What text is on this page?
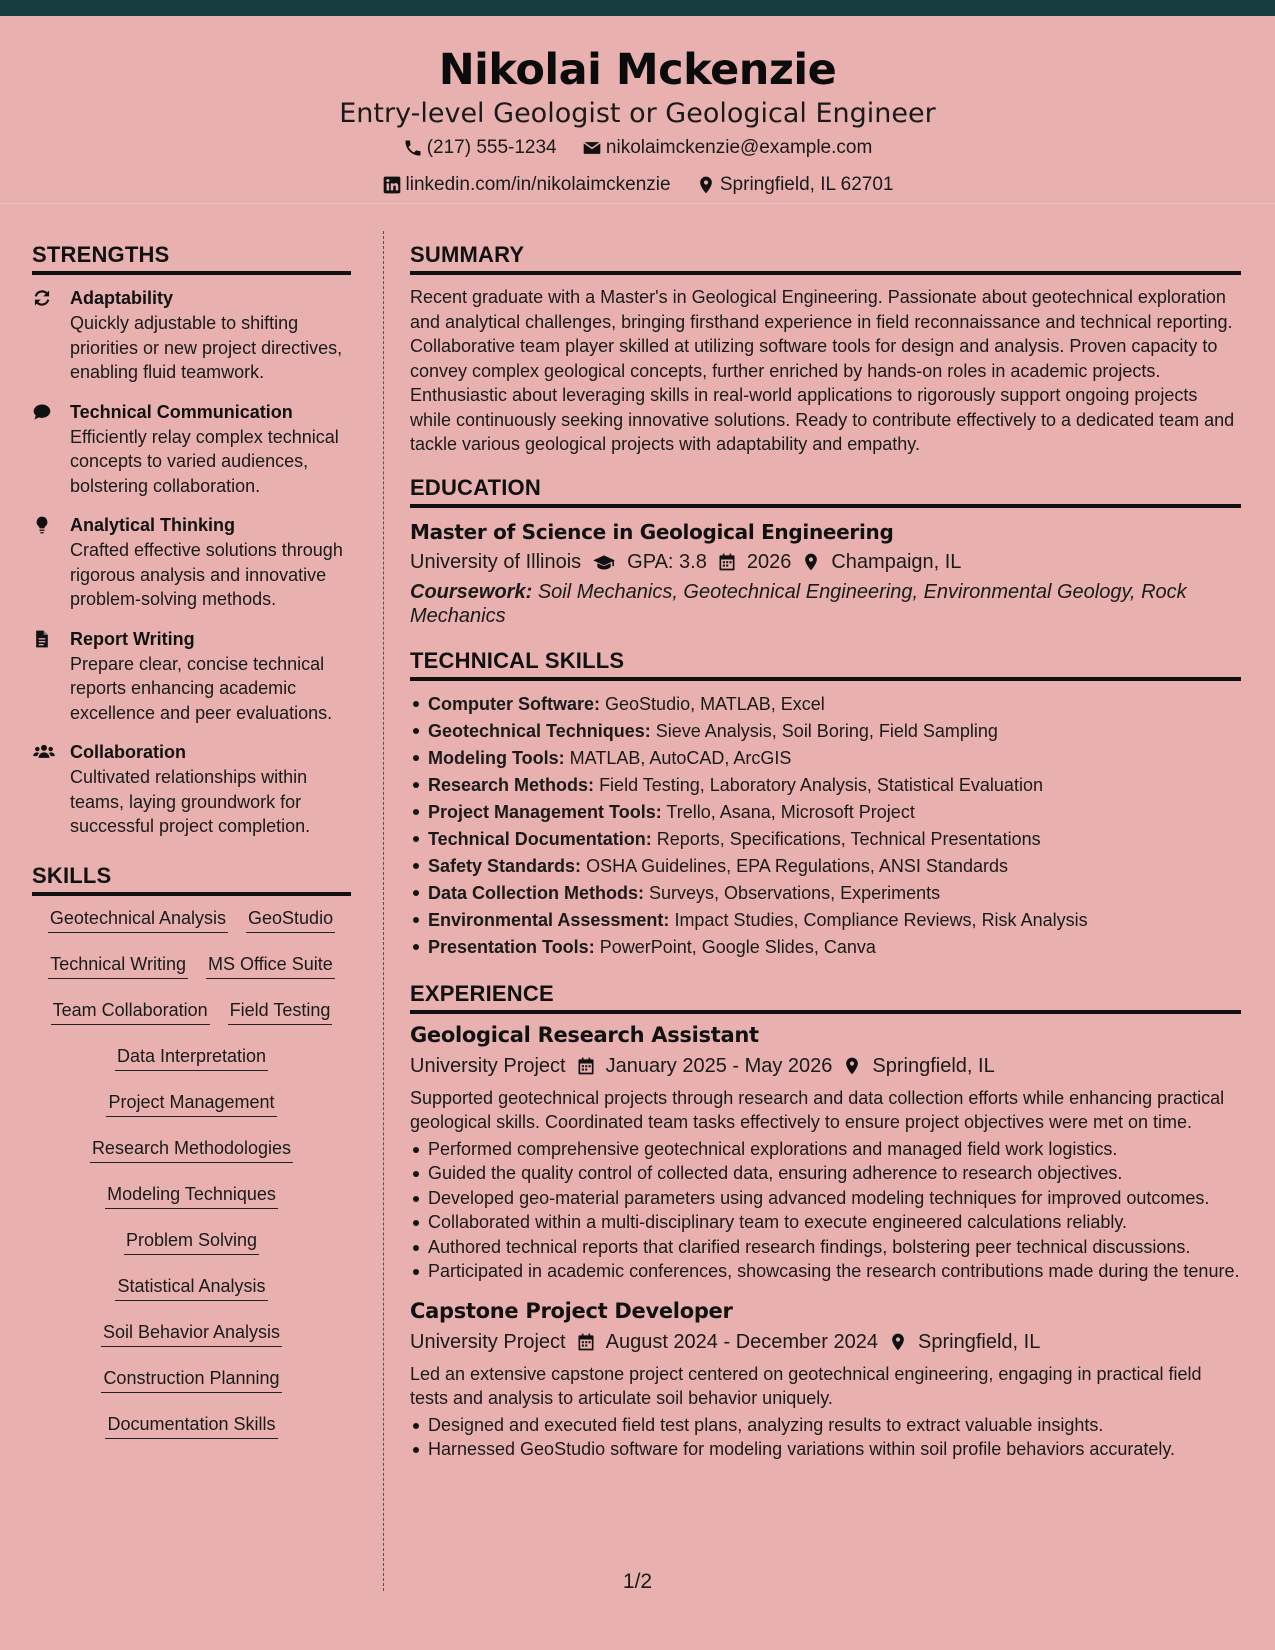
Nikolai Mckenzie
Entry-level Geologist or Geological Engineer
(217) 555-1234
	nikolaimckenzie@example.com
linkedin.com/in/nikolaimckenzie
	Springfield, IL 62701
STRENGTHS
Adaptability
Quickly adjustable to shifting priorities or new project directives, enabling fluid teamwork.
Technical Communication
Efficiently relay complex technical concepts to varied audiences, bolstering collaboration.
Analytical Thinking
Crafted effective solutions through rigorous analysis and innovative problem-solving methods.
Report Writing
Prepare clear, concise technical reports enhancing academic excellence and peer evaluations.
Collaboration
Cultivated relationships within teams, laying groundwork for successful project completion.
SKILLS
Geotechnical Analysis GeoStudio
Technical Writing MS Office Suite
Team Collaboration Field Testing
Data Interpretation
Project Management
Research Methodologies
Modeling Techniques
Problem Solving
Statistical Analysis
Soil Behavior Analysis
Construction Planning
Documentation Skills
SUMMARY
Recent graduate with a Master's in Geological Engineering. Passionate about geotechnical exploration and analytical challenges, bringing firsthand experience in field reconnaissance and technical reporting. Collaborative team player skilled at utilizing software tools for design and analysis. Proven capacity to convey complex geological concepts, further enriched by hands-on roles in academic projects. Enthusiastic about leveraging skills in real-world applications to rigorously support ongoing projects while continuously seeking innovative solutions. Ready to contribute effectively to a dedicated team and tackle various geological projects with adaptability and empathy.
EDUCATION
Master of Science in Geological Engineering
University of Illinois GPA: 3.8 2026 Champaign, IL
Coursework: Soil Mechanics, Geotechnical Engineering, Environmental Geology, Rock Mechanics
TECHNICAL SKILLS
Computer Software: GeoStudio, MATLAB, Excel
Geotechnical Techniques: Sieve Analysis, Soil Boring, Field Sampling
Modeling Tools: MATLAB, AutoCAD, ArcGIS
Research Methods: Field Testing, Laboratory Analysis, Statistical Evaluation
Project Management Tools: Trello, Asana, Microsoft Project
Technical Documentation: Reports, Specifications, Technical Presentations
Safety Standards: OSHA Guidelines, EPA Regulations, ANSI Standards
Data Collection Methods: Surveys, Observations, Experiments
Environmental Assessment: Impact Studies, Compliance Reviews, Risk Analysis
Presentation Tools: PowerPoint, Google Slides, Canva
EXPERIENCE
Geological Research Assistant
University Project January 2025 - May 2026 Springfield, IL
Supported geotechnical projects through research and data collection efforts while enhancing practical geological skills. Coordinated team tasks effectively to ensure project objectives were met on time.
Performed comprehensive geotechnical explorations and managed field work logistics.
Guided the quality control of collected data, ensuring adherence to research objectives.
Developed geo-material parameters using advanced modeling techniques for improved outcomes.
Collaborated within a multi-disciplinary team to execute engineered calculations reliably.
Authored technical reports that clarified research findings, bolstering peer technical discussions.
Participated in academic conferences, showcasing the research contributions made during the tenure.
Capstone Project Developer
University Project August 2024 - December 2024 Springfield, IL
Led an extensive capstone project centered on geotechnical engineering, engaging in practical field tests and analysis to articulate soil behavior uniquely.
Designed and executed field test plans, analyzing results to extract valuable insights.
Harnessed GeoStudio software for modeling variations within soil profile behaviors accurately.
1/2
